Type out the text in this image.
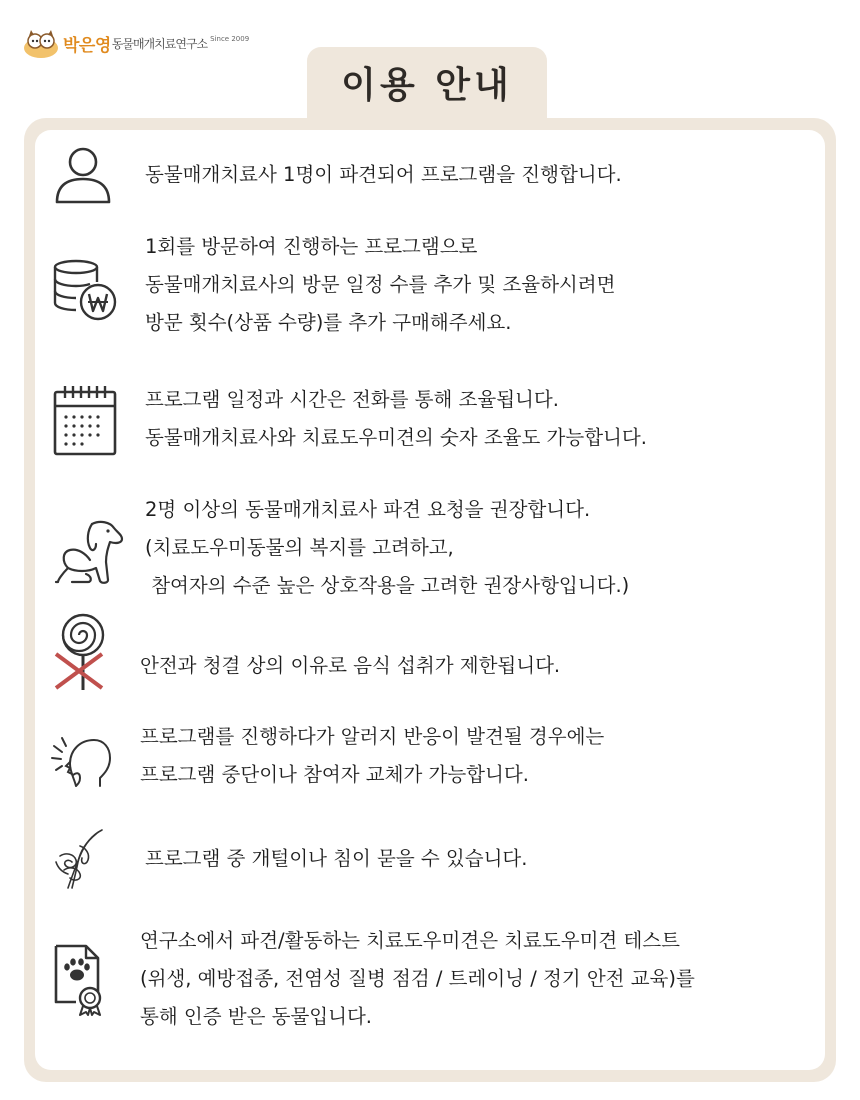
박은영 동물매개치료연구소 Since 2009
이용 안내
동물매개치료사 1명이 파견되어 프로그램을 진행합니다.
1회를 방문하여 진행하는 프로그램으로
동물매개치료사의 방문 일정 수를 추가 및 조율하시려면
방문 횟수(상품 수량)를 추가 구매해주세요.
프로그램 일정과 시간은 전화를 통해 조율됩니다.
동물매개치료사와 치료도우미견의 숫자 조율도 가능합니다.
2명 이상의 동물매개치료사 파견 요청을 권장합니다.
(치료도우미동물의 복지를 고려하고,
참여자의 수준 높은 상호작용을 고려한 권장사항입니다.)
안전과 청결 상의 이유로 음식 섭취가 제한됩니다.
프로그램를 진행하다가 알러지 반응이 발견될 경우에는
프로그램 중단이나 참여자 교체가 가능합니다.
프로그램 중 개털이나 침이 묻을 수 있습니다.
연구소에서 파견/활동하는 치료도우미견은 치료도우미견 테스트
(위생, 예방접종, 전염성 질병 점검 / 트레이닝 / 정기 안전 교육)를
통해 인증 받은 동물입니다.
